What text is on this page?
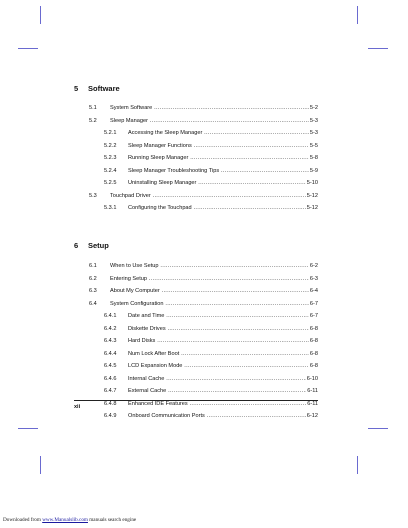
5 Software
5.1 System Software .....	5-2
5.2 Sleep Manager .....	5-3
5.2.1 Accessing the Sleep Manager .....	5-3
5.2.2 Sleep Manager Functions .....	5-5
5.2.3 Running Sleep Manager .....	5-8
5.2.4 Sleep Manager Troubleshooting Tips .....	5-9
5.2.5 Uninstalling Sleep Manager .....	5-10
5.3 Touchpad Driver .....	5-12
5.3.1 Configuring the Touchpad .....	5-12
6 Setup
6.1 When to Use Setup .....	6-2
6.2 Entering Setup .....	6-3
6.3 About My Computer .....	6-4
6.4 System Configuration .....	6-7
6.4.1 Date and Time .....	6-7
6.4.2 Diskette Drives .....	6-8
6.4.3 Hard Disks .....	6-8
6.4.4 Num Lock After Boot .....	6-8
6.4.5 LCD Expansion Mode .....	6-8
6.4.6 Internal Cache .....	6-10
6.4.7 External Cache .....	6-11
6.4.8 Enhanced IDE Features .....	6-11
6.4.9 Onboard Communication Ports .....	6-12
xii
Downloaded from www.Manualslib.com manuals search engine
